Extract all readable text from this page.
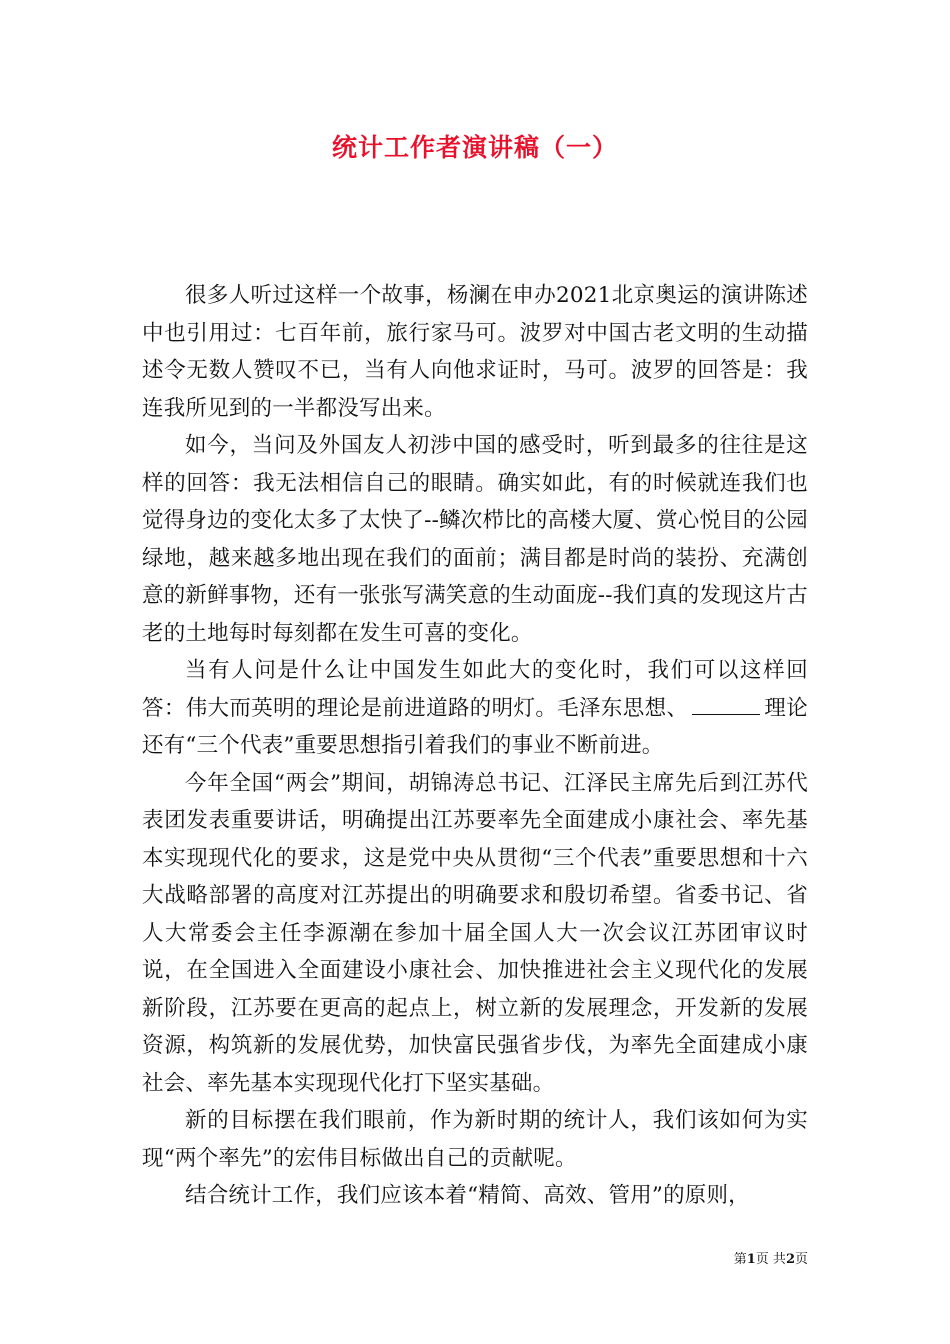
统计工作者演讲稿（一）

很多人听过这样一个故事，杨澜在申办2021北京奥运的演讲陈述中也引用过：七百年前，旅行家马可。波罗对中国古老文明的生动描述令无数人赞叹不已，当有人向他求证时，马可。波罗的回答是：我连我所见到的一半都没写出来。

如今，当问及外国友人初涉中国的感受时，听到最多的往往是这样的回答：我无法相信自己的眼睛。确实如此，有的时候就连我们也觉得身边的变化太多了太快了--鳞次栉比的高楼大厦、赏心悦目的公园绿地，越来越多地出现在我们的面前；满目都是时尚的装扮、充满创意的新鲜事物，还有一张张写满笑意的生动面庞--我们真的发现这片古老的土地每时每刻都在发生可喜的变化。

当有人问是什么让中国发生如此大的变化时，我们可以这样回答：伟大而英明的理论是前进道路的明灯。毛泽东思想、	理论还有“三个代表”重要思想指引着我们的事业不断前进。

今年全国“两会”期间，胡锦涛总书记、江泽民主席先后到江苏代表团发表重要讲话，明确提出江苏要率先全面建成小康社会、率先基本实现现代化的要求，这是党中央从贯彻“三个代表”重要思想和十六大战略部署的高度对江苏提出的明确要求和殷切希望。省委书记、省人大常委会主任李源潮在参加十届全国人大一次会议江苏团审议时说，在全国进入全面建设小康社会、加快推进社会主义现代化的发展新阶段，江苏要在更高的起点上，树立新的发展理念，开发新的发展资源，构筑新的发展优势，加快富民强省步伐，为率先全面建成小康社会、率先基本实现现代化打下坚实基础。

新的目标摆在我们眼前，作为新时期的统计人，我们该如何为实现“两个率先”的宏伟目标做出自己的贡献呢。

结合统计工作，我们应该本着“精简、高效、管用”的原则，

第1页 共2页
